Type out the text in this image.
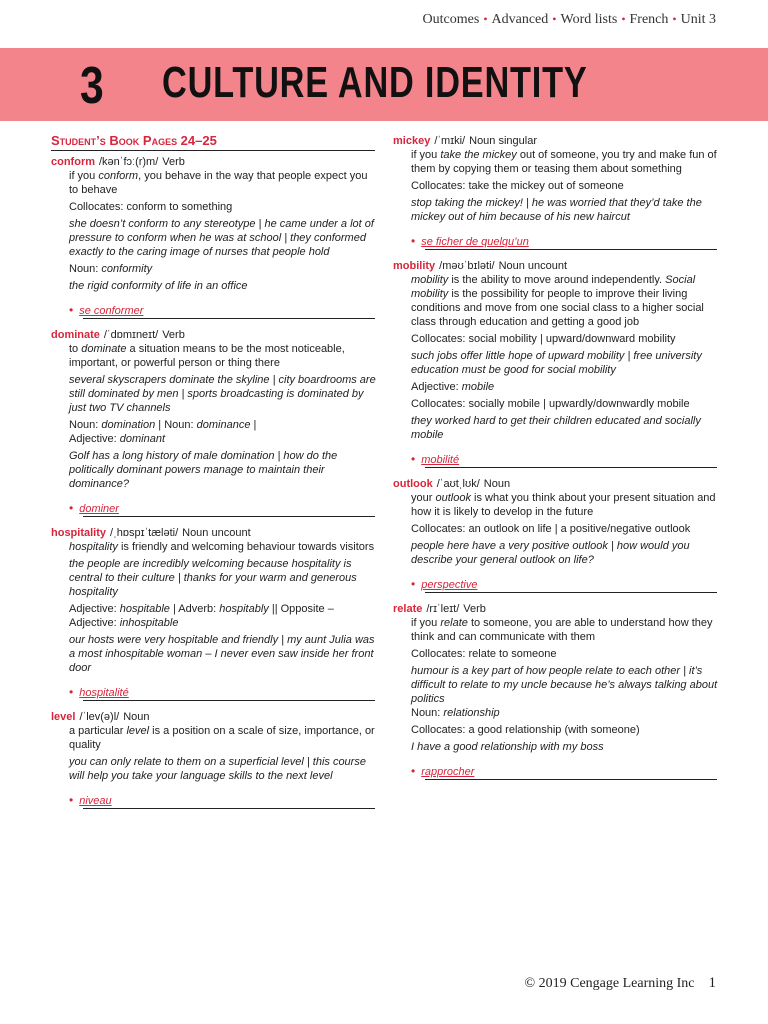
Outcomes • Advanced • Word lists • French • Unit 3
3 CULTURE AND IDENTITY
Student’s Book Pages 24–25
conform /kənˈfɔː(r)m/ Verb
if you conform, you behave in the way that people expect you to behave
Collocates: conform to something
she doesn’t conform to any stereotype | he came under a lot of pressure to conform when he was at school | they conformed exactly to the caring image of nurses that people hold
Noun: conformity
the rigid conformity of life in an office
• se conformer
dominate /ˈdɒmɪneɪt/ Verb
to dominate a situation means to be the most noticeable, important, or powerful person or thing there
several skyscrapers dominate the skyline | city boardrooms are still dominated by men | sports broadcasting is dominated by just two TV channels
Noun: domination | Noun: dominance |
Adjective: dominant
Golf has a long history of male domination | how do the politically dominant powers manage to maintain their dominance?
• dominer
hospitality /ˌhɒspɪˈtæləti/ Noun uncount
hospitality is friendly and welcoming behaviour towards visitors
the people are incredibly welcoming because hospitality is central to their culture | thanks for your warm and generous hospitality
Adjective: hospitable | Adverb: hospitably || Opposite – Adjective: inhospitable
our hosts were very hospitable and friendly | my aunt Julia was a most inhospitable woman – I never even saw inside her front door
• hospitalité
level /ˈlev(ə)l/ Noun
a particular level is a position on a scale of size, importance, or quality
you can only relate to them on a superficial level | this course will help you take your language skills to the next level
• niveau
mickey /ˈmɪki/ Noun singular
if you take the mickey out of someone, you try and make fun of them by copying them or teasing them about something
Collocates: take the mickey out of someone
stop taking the mickey! | he was worried that they’d take the mickey out of him because of his new haircut
• se ficher de quelqu’un
mobility /məʊˈbɪləti/ Noun uncount
mobility is the ability to move around independently. Social mobility is the possibility for people to improve their living conditions and move from one social class to a higher social class through education and getting a good job
Collocates: social mobility | upward/downward mobility
such jobs offer little hope of upward mobility | free university education must be good for social mobility
Adjective: mobile
Collocates: socially mobile | upwardly/downwardly mobile
they worked hard to get their children educated and socially mobile
• mobilité
outlook /ˈaʊtˌlʊk/ Noun
your outlook is what you think about your present situation and how it is likely to develop in the future
Collocates: an outlook on life | a positive/negative outlook
people here have a very positive outlook | how would you describe your general outlook on life?
• perspective
relate /rɪˈleɪt/ Verb
if you relate to someone, you are able to understand how they think and can communicate with them
Collocates: relate to someone
humour is a key part of how people relate to each other | it’s difficult to relate to my uncle because he’s always talking about politics
Noun: relationship
Collocates: a good relationship (with someone)
I have a good relationship with my boss
• rapprocher
© 2019 Cengage Learning Inc 1
